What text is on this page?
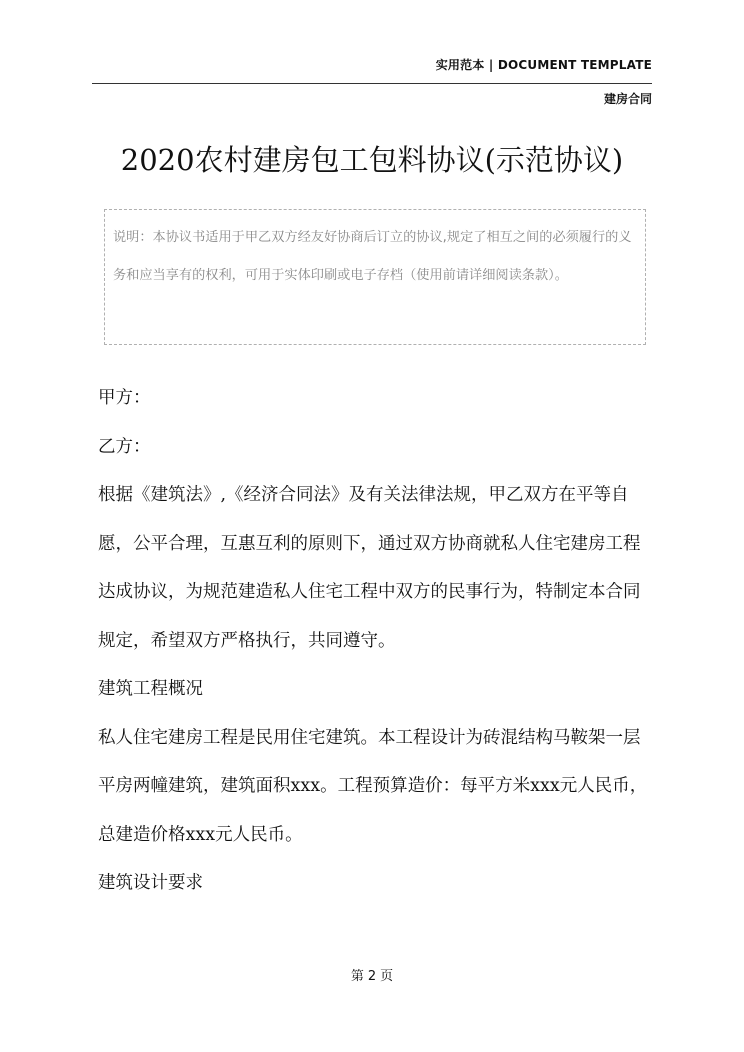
实用范本 | DOCUMENT TEMPLATE
建房合同
2020农村建房包工包料协议(示范协议)
说明：本协议书适用于甲乙双方经友好协商后订立的协议,规定了相互之间的必须履行的义务和应当享有的权利，可用于实体印刷或电子存档（使用前请详细阅读条款）。

甲方：

乙方：

根据《建筑法》,《经济合同法》及有关法律法规，甲乙双方在平等自愿，公平合理，互惠互利的原则下，通过双方协商就私人住宅建房工程达成协议，为规范建造私人住宅工程中双方的民事行为，特制定本合同规定，希望双方严格执行，共同遵守。

建筑工程概况

私人住宅建房工程是民用住宅建筑。本工程设计为砖混结构马鞍架一层平房两幢建筑，建筑面积xxx。工程预算造价：每平方米xxx元人民币，总建造价格xxx元人民币。

建筑设计要求

第 2 页
